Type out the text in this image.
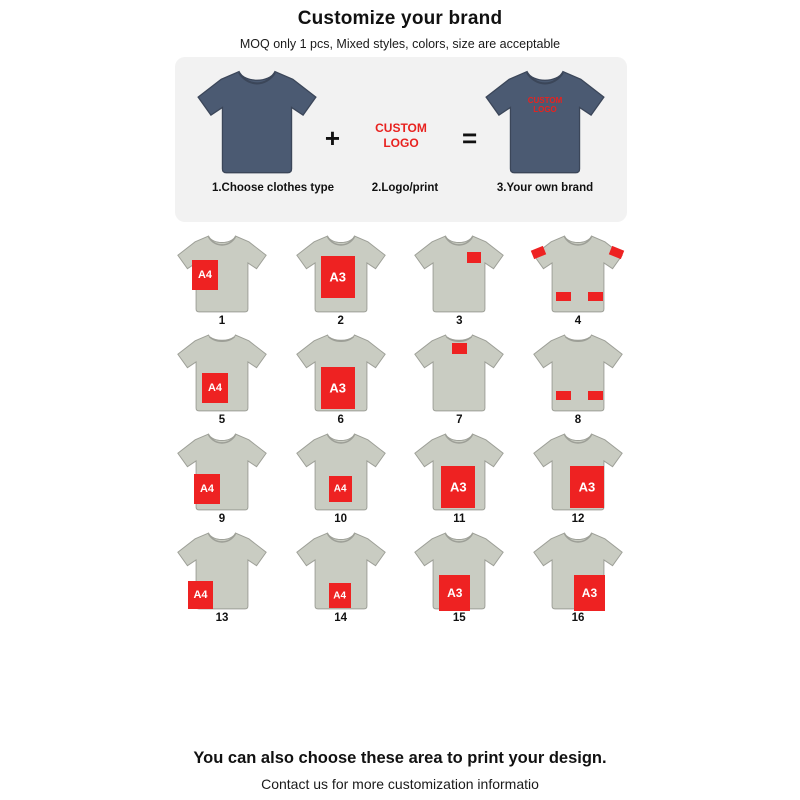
Customize your brand
MOQ only 1 pcs, Mixed styles, colors, size are acceptable
+	CUSTOM
LOGO	=
CUSTOM
LOGO
1.Choose clothes type	2.Logo/print	3.Your own brand
A4
1
A3
2	3	4
A4
5
A3
6	7	8
A4
9
A4
10
A3
11
A3
12
A4
13
A4
14
A3
15
A3
16
You can also choose these area to print your design.
Contact us for more customization informatio
